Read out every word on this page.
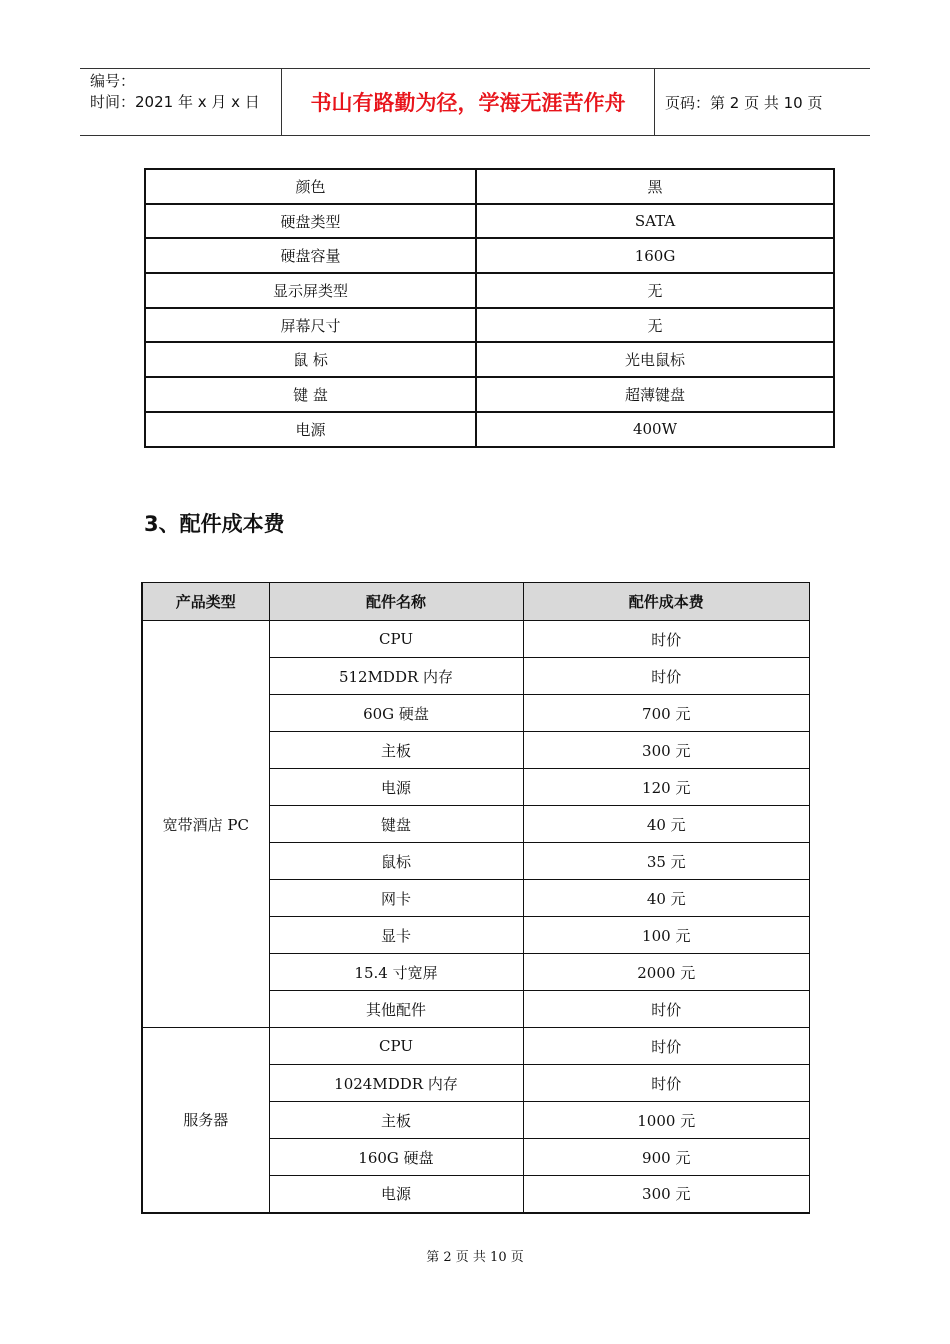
编号：
时间：2021 年 x 月 x 日	书山有路勤为径，学海无涯苦作舟	页码：第 2 页 共 10 页
颜色	黑
硬盘类型	SATA
硬盘容量	160G
显示屏类型	无
屏幕尺寸	无
鼠 标	光电鼠标
键 盘	超薄键盘
电源	400W
3、配件成本费
产品类型	配件名称	配件成本费
宽带酒店 PC	CPU	时价
	512MDDR 内存	时价
	60G 硬盘	700 元
	主板	300 元
	电源	120 元
	键盘	40 元
	鼠标	35 元
	网卡	40 元
	显卡	100 元
	15.4 寸宽屏	2000 元
	其他配件	时价
服务器	CPU	时价
	1024MDDR 内存	时价
	主板	1000 元
	160G 硬盘	900 元
	电源	300 元
第 2 页 共 10 页
